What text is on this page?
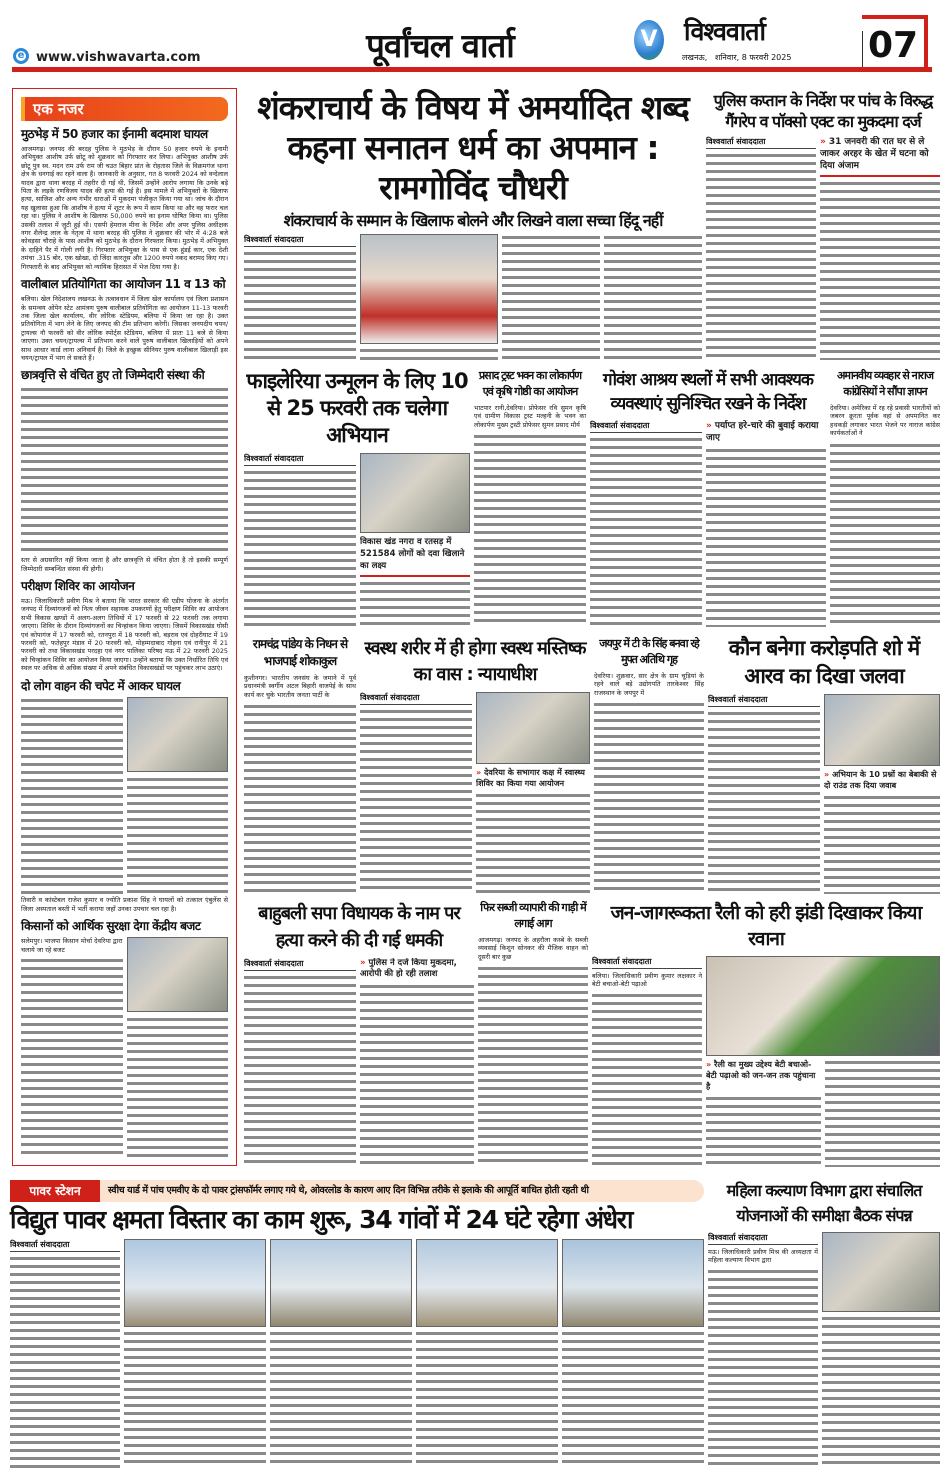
e www.vishwavarta.com	पूर्वांचल वार्ता	V विश्ववार्ता
लखनऊ,   शनिवार, 8 फरवरी 2025 07
एक नजर
मुठभेड़ में 50 हजार का ईनामी बदमाश घायल
आजमगढ़। जनपद की बरदह पुलिस ने मुठभेड़ के दौरान 50 हजार रुपये के इनामी अभियुक्त आशीष उर्फ छोटू को शुक्रवार को गिरफ्तार कर लिया। अभियुक्त आशीष उर्फ छोटू पुत्र स्व. मदन राम उर्फ राम जी चउत बिहार प्रांत के रोहतास जिले के विक्रमगंज थाना क्षेत्र के धनगाई का रहने वाला है। जानकारी के अनुसार, गत 8 फरवरी 2024 को वन्देलाल यादव द्वारा थाना बरदह में तहरीर दी गई थी, जिसमें उन्होंने आरोप लगाया कि उनके बड़े पिता के लड़के रणविजय यादव की हत्या की गई है। इस मामले में अभियुक्तों के खिलाफ हत्या, साजिश और अन्य गंभीर धाराओं में मुकदमा पंजीकृत किया गया था। जांच के दौरान यह खुलासा हुआ कि आशीष ने हत्या में शूटर के रूप में काम किया था और वह फरार चल रहा था। पुलिस ने आशीष के खिलाफ 50,000 रुपये का इनाम घोषित किया था। पुलिस उसकी तलाश में जुटी हुई थी। एसपी हेमराज मीना के निर्देश और अपर पुलिस अधीक्षक नगर शैलेन्द्र लाल के नेतृत्व में थाना बरदह की पुलिस ने शुक्रवार की भोर में 4:28 बजे कोवड़सा चौराहे के पास आशीष को मुठभेड़ के दौरान गिरफ्तार किया। मुठभेड़ में अभियुक्त के दाहिने पैर में गोली लगी है। गिरफ्तार अभियुक्त के पास से एक हुंडई कार, एक देशी तमंचा .315 बोर, एक खोखा, दो जिंदा कारतूस और 1200 रुपये नकद बरामद किए गए। गिरफ्तारी के बाद अभियुक्त को न्यायिक हिरासत में भेज दिया गया है।
वालीबाल प्रतियोगिता का आयोजन 11 व 13 को
बलिया। खेल निदेशालय लखनऊ के तत्वावधान में जिला खेल कार्यालय एवं जिला प्रशासन के समन्वय ओपेन स्टेट आमंत्रण पुरुष वालीबाल प्रतियोगिता का आयोजन 11-13 फरवरी तक जिला खेल कार्यालय, वीर लोरिक स्टेडियम, बलिया में किया जा रहा है। उक्त प्रतियोगिता में भाग लेने के लिए जनपद की टीम प्रतिभाग करेगी। जिसका जनपदीय चयन/ ट्रायल्स नौ फरवरी को वीर लोरिक स्पोर्ट्स स्टेडियम, बलिया में प्रातः 11 बजे से किया जाएगा। उक्त चयन/ट्रायल्स में प्रतिभाग करने वाले पुरुष वालीबाल खिलाड़ियों को अपने साथ आधार कार्ड लाना अनिवार्य है। जिले के इच्छुक सीनियर पुरुष वालीबाल खिलाड़ी इस चयन/ट्रायल में भाग ले सकते हैं।
छात्रवृत्ति से वंचित हुए तो जिम्मेदारी संस्था की
स्तर से अग्रसारित नहीं किया जाता है और छात्रवृत्ति से वंचित होता है तो इसकी सम्पूर्ण जिम्मेदारी सम्बन्धित संस्था की होगी।
परीक्षण शिविर का आयोजन
मऊ। जिलाधिकारी प्रवीण मिश्र ने बताया कि भारत सरकार की एडीप योजना के अंतर्गत जनपद में दिव्यांगजनों को नित्य जीवन सहायक उपकरणों हेतु परीक्षण शिविर का आयोजन सभी विकास खण्डों में अलग-अलग तिथियों में 17 फरवरी से 22 फरवरी तक लगाया जाएगा। शिविर के दौरान दिव्यांगजनों का चिन्हांकन किया जाएगा। जिसमें विकासखंड घोसी एवं कोपागंज में 17 फरवरी को, रतनपुरा में 18 फरवरी को, बड़राव एवं दोहरीघाट में 19 फरवरी को, फतेहपुर मंडाव में 20 फरवरी को, मोहम्मदाबाद गोहना एवं रानीपुर में 21 फरवरी को तथा विकासखंड परदहा एवं नगर पालिका परिषद मऊ में 22 फरवरी 2025 को चिन्हांकन शिविर का आयोजन किया जाएगा। उन्होंने बताया कि उक्त निर्धारित तिथि एवं स्थल पर अधिक से अधिक संख्या में अपने संबंधित विकासखंडों पर पहुंचकर लाभ उठाएं।
दो लोग वाहन की चपेट में आकर घायल
तिवारी व कांस्टेबल राजेश कुमार व ज्योति प्रकाश सिंह ने घायलों को तत्काल एंबुलेंस से जिला अस्पताल बस्ती में भर्ती कराया जहाँ उनका उपचार चल रहा है।
किसानों को आर्थिक सुरक्षा देगा केंद्रीय बजट
सलेमपुर। भाजपा किसान मोर्चा देवरिया द्वारा चलाये जा रहे बजट
शंकराचार्य के विषय में अमर्यादित शब्द कहना सनातन धर्म का अपमान : रामगोविंद चौधरी
शंकराचार्य के सम्मान के खिलाफ बोलने और लिखने वाला सच्चा हिंदू नहीं
विश्ववार्ता संवाददाता
पुलिस कप्तान के निर्देश पर पांच के विरुद्ध गैंगरेप व पॉक्सो एक्ट का मुकदमा दर्ज
विश्ववार्ता संवाददाता	» 31 जनवरी की रात घर से ले जाकर अरहर के खेत में घटना को दिया अंजाम
फाइलेरिया उन्मूलन के लिए 10 से 25 फरवरी तक चलेगा अभियान
विश्ववार्ता संवाददाता
विकास खंड नगरा व रतसड़ में 521584 लोगों को दवा खिलाने का लक्ष्य
प्रसाद ट्रस्ट भवन का लोकार्पण एवं कृषि गोष्ठी का आयोजन
भाटपार रानी,देवरिया। प्रोफेसर रवि सुमन कृषि एवं ग्रामीण विकास ट्रस्ट मल्हनी के भवन का लोकार्पण मुख्य ट्रस्टी प्रोफेसर सुमन प्रसाद मौर्य
गोवंश आश्रय स्थलों में सभी आवश्यक व्यवस्थाएं सुनिश्चित रखने के निर्देश
विश्ववार्ता संवाददाता	» पर्याप्त हरे-चारे की बुवाई कराया जाए
अमानवीय व्यवहार से नाराज कांग्रेसियों ने सौंपा ज्ञापन
देवरिया। अमेरिका में रह रहे प्रवासी भारतीयों को जबरन क्रूरता पूर्वक वहां से अपमानित कर हथकड़ी लगाकर भारत भेजने पर नाराज कांग्रेस कार्यकर्ताओं ने
रामचंद्र पांडेय के निधन से भाजपाई शोकाकुल
कुशीनगर। भारतीय जनसंघ के जमाने में पूर्व प्रधानमंत्री स्वर्गीय अटल बिहारी वाजपेई के साथ कार्य कर चुके भारतीय जनता पार्टी के
स्वस्थ शरीर में ही होगा स्वस्थ मस्तिष्क का वास : न्यायाधीश
विश्ववार्ता संवाददाता
» देवरिया के सभागार कक्ष में स्वास्थ्य शिविर का किया गया आयोजन
जयपुर में टी के सिंह बनवा रहे मुफ्त अतिथि गृह
देवरिया। शुक्रवार, सार क्षेत्र के ग्राम चूड़ियां के रहने वाले बड़े उद्योगपति तारकेश्वर सिंह राजस्थान के जयपुर में
कौन बनेगा करोड़पति शो में आरव का दिखा जलवा
विश्ववार्ता संवाददाता
» अभियान के 10 प्रश्नों का बेबाकी से दो राउंड तक दिया जवाब
बाहुबली सपा विधायक के नाम पर हत्या करने की दी गई धमकी
विश्ववार्ता संवाददाता	» पुलिस ने दर्ज किया मुकदमा, आरोपी की हो रही तलाश
फिर सब्जी व्यापारी की गाड़ी में लगाई आग
आजमगढ़। जनपद के अहरौला कस्बे के सब्जी व्यवसाई किशुन सोनकर की मैजिक वाहन को दूसरी बार कुछ
जन-जागरूकता रैली को हरी झंडी दिखाकर किया रवाना
विश्ववार्ता संवाददाता
बलिया। जिलाधिकारी प्रवीण कुमार लक्षकार ने बेटी बचाओ-बेटी पढ़ाओ
» रैली का मुख्य उद्देश्य बेटी बचाओ-बेटी पढ़ाओ को जन-जन तक पहुंचाना है
पावर स्टेशन	स्वीच यार्ड में पांच एमवीए के दो पावर ट्रांसफॉर्मर लगाए गये थे, ओवरलोड के कारण आए दिन विभिन्न तरीके से इलाके की आपूर्ति बाधित होती रहती थी
विद्युत पावर क्षमता विस्तार का काम शुरू, 34 गांवों में 24 घंटे रहेगा अंधेरा
विश्ववार्ता संवाददाता
महिला कल्याण विभाग द्वारा संचालित योजनाओं की समीक्षा बैठक संपन्न
विश्ववार्ता संवाददाता
मऊ। जिलाधिकारी प्रवीण मिश्र की अध्यक्षता में महिला कल्याण विभाग द्वारा
